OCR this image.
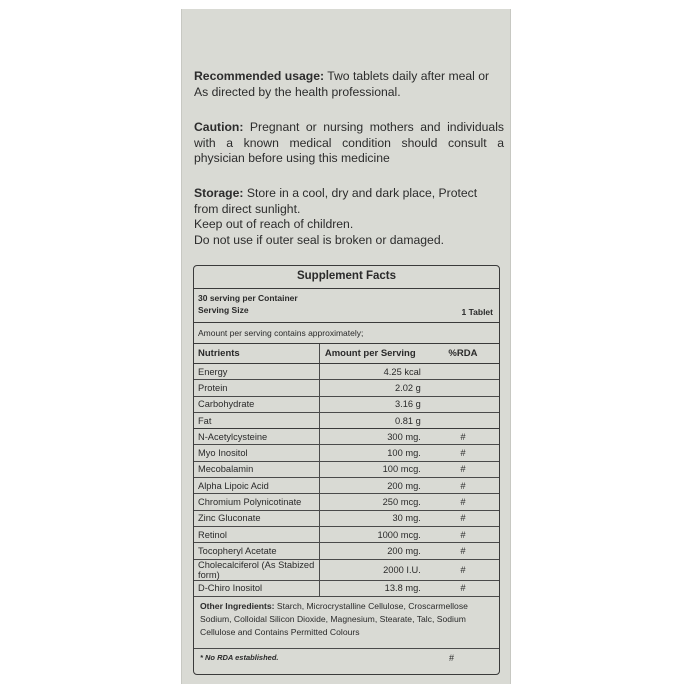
Recommended usage: Two tablets daily after meal or As directed by the health professional.
Caution: Pregnant or nursing mothers and individuals with a known medical condition should consult a physician before using this medicine
Storage: Store in a cool, dry and dark place, Protect from direct sunlight.
Keep out of reach of children.
Do not use if outer seal is broken or damaged.
Supplement Facts
30 serving per Container
Serving Size	1 Tablet
Amount per serving contains approximately;
Nutrients	Amount per Serving	%RDA
Energy	4.25 kcal	
Protein	2.02 g	
Carbohydrate	3.16 g	
Fat	0.81 g	
N-Acetylcysteine	300 mg.	#
Myo Inositol	100 mg.	#
Mecobalamin	100 mcg.	#
Alpha Lipoic Acid	200 mg.	#
Chromium Polynicotinate	250 mcg.	#
Zinc Gluconate	30 mg.	#
Retinol	1000 mcg.	#
Tocopheryl Acetate	200 mg.	#
Cholecalciferol (As Stabized form)	2000 I.U.	#
D-Chiro Inositol	13.8 mg.	#
Other Ingredients: Starch, Microcrystalline Cellulose, Croscarmellose Sodium, Colloidal Silicon Dioxide, Magnesium, Stearate, Talc, Sodium Cellulose and Contains Permitted Colours
* No RDA established.	#
